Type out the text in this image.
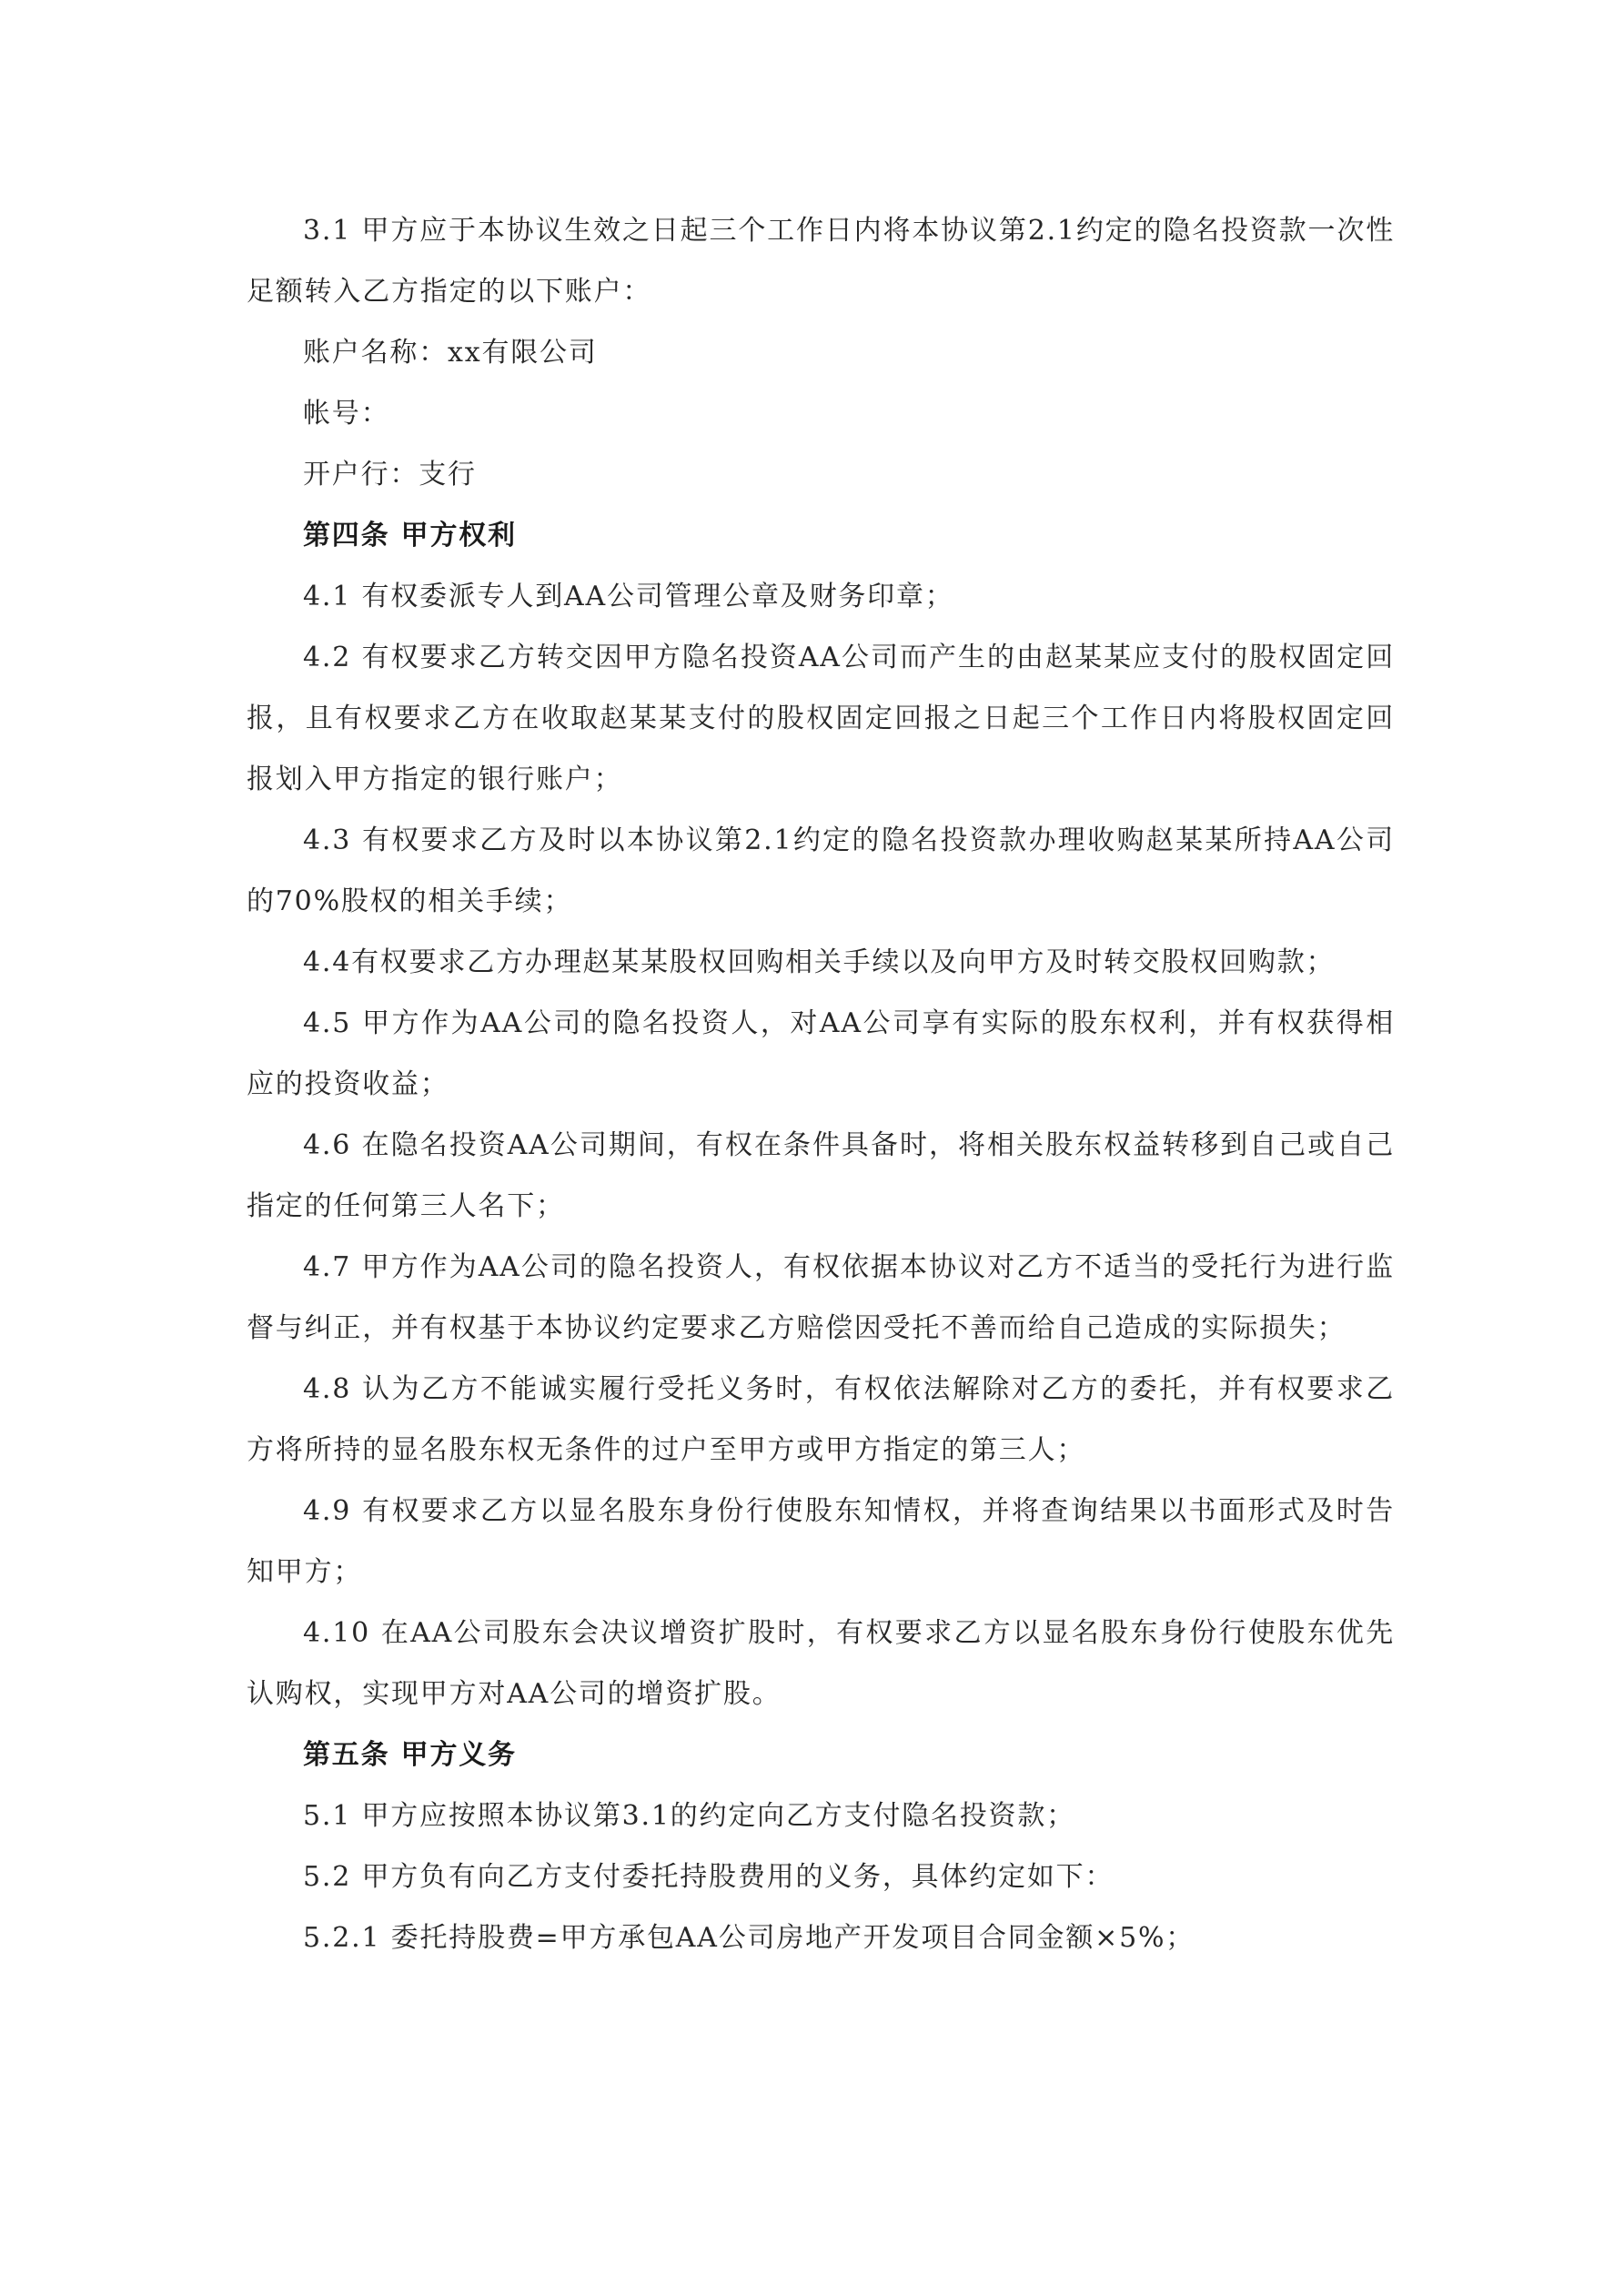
3.1 甲方应于本协议生效之日起三个工作日内将本协议第2.1约定的隐名投资款一次性足额转入乙方指定的以下账户：

账户名称：xx有限公司

帐号：

开户行：支行

第四条 甲方权利

4.1 有权委派专人到AA公司管理公章及财务印章；

4.2 有权要求乙方转交因甲方隐名投资AA公司而产生的由赵某某应支付的股权固定回报，且有权要求乙方在收取赵某某支付的股权固定回报之日起三个工作日内将股权固定回报划入甲方指定的银行账户；

4.3 有权要求乙方及时以本协议第2.1约定的隐名投资款办理收购赵某某所持AA公司的70%股权的相关手续；

4.4有权要求乙方办理赵某某股权回购相关手续以及向甲方及时转交股权回购款；

4.5 甲方作为AA公司的隐名投资人，对AA公司享有实际的股东权利，并有权获得相应的投资收益；

4.6 在隐名投资AA公司期间，有权在条件具备时，将相关股东权益转移到自己或自己指定的任何第三人名下；

4.7 甲方作为AA公司的隐名投资人，有权依据本协议对乙方不适当的受托行为进行监督与纠正，并有权基于本协议约定要求乙方赔偿因受托不善而给自己造成的实际损失；

4.8 认为乙方不能诚实履行受托义务时，有权依法解除对乙方的委托，并有权要求乙方将所持的显名股东权无条件的过户至甲方或甲方指定的第三人；

4.9 有权要求乙方以显名股东身份行使股东知情权，并将查询结果以书面形式及时告知甲方；

4.10 在AA公司股东会决议增资扩股时，有权要求乙方以显名股东身份行使股东优先认购权，实现甲方对AA公司的增资扩股。

第五条 甲方义务

5.1 甲方应按照本协议第3.1的约定向乙方支付隐名投资款；

5.2 甲方负有向乙方支付委托持股费用的义务，具体约定如下：

5.2.1 委托持股费=甲方承包AA公司房地产开发项目合同金额×5%；
